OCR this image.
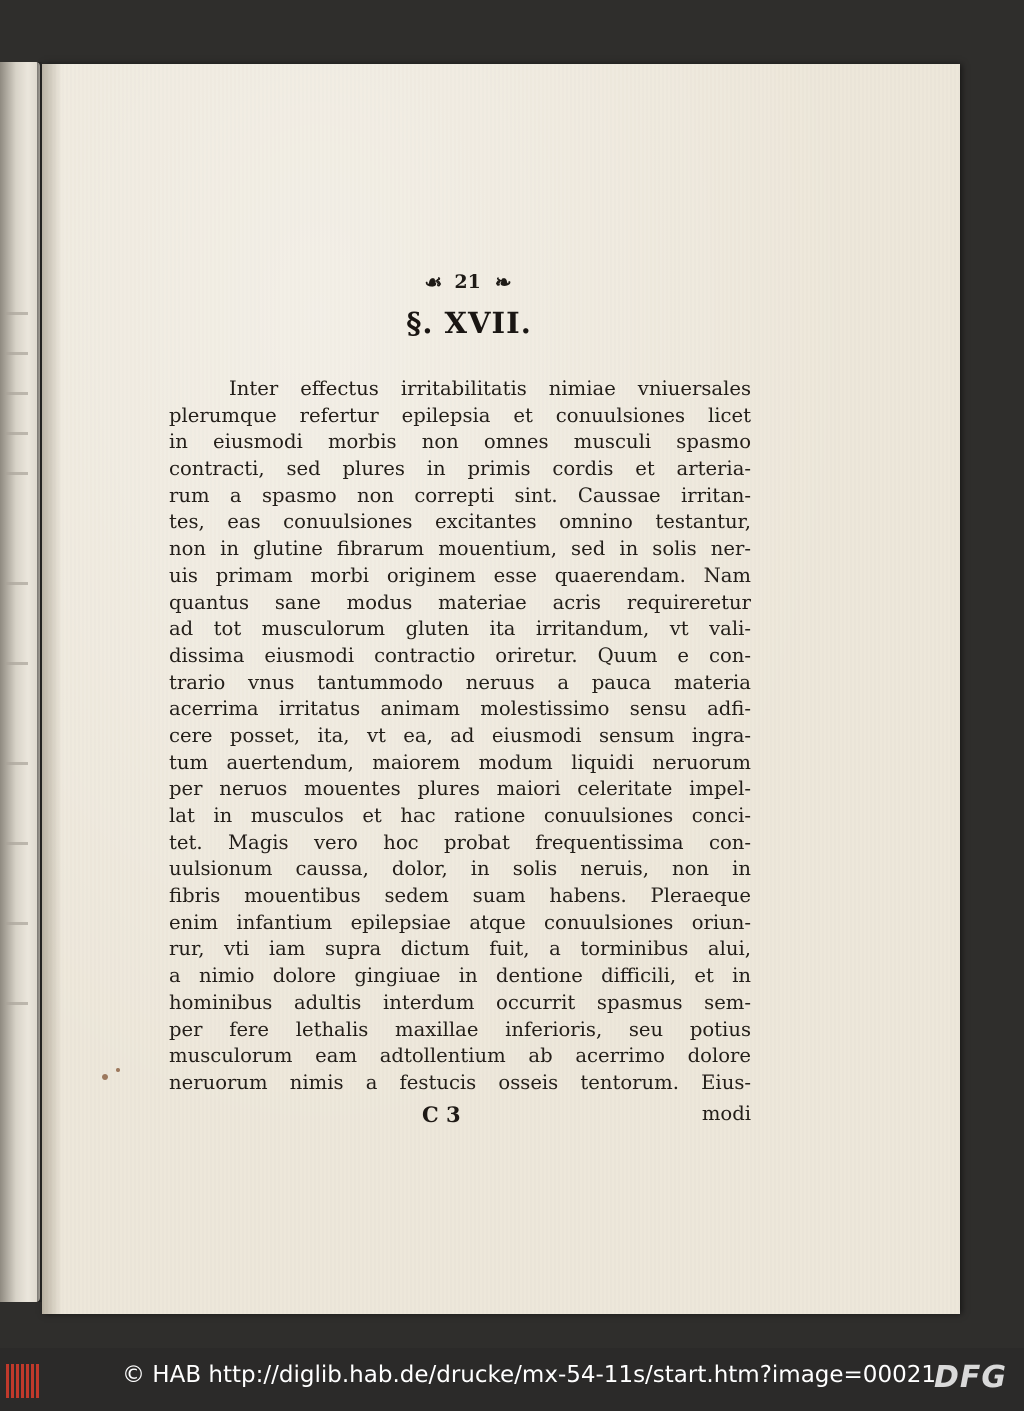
☙ 21 ❧
§. XVII.
Inter effectus irritabilitatis nimiae vniuersales
plerumque refertur epilepsia et conuulsiones licet
in eiusmodi morbis non omnes musculi spasmo
contracti, sed plures in primis cordis et arteria-
rum a spasmo non correpti sint. Caussae irritan-
tes, eas conuulsiones excitantes omnino testantur,
non in glutine fibrarum mouentium, sed in solis ner-
uis primam morbi originem esse quaerendam. Nam
quantus sane modus materiae acris requireretur
ad tot musculorum gluten ita irritandum, vt vali-
dissima eiusmodi contractio oriretur. Quum e con-
trario vnus tantummodo neruus a pauca materia
acerrima irritatus animam molestissimo sensu adfi-
cere posset, ita, vt ea, ad eiusmodi sensum ingra-
tum auertendum, maiorem modum liquidi neruorum
per neruos mouentes plures maiori celeritate impel-
lat in musculos et hac ratione conuulsiones conci-
tet. Magis vero hoc probat frequentissima con-
uulsionum caussa, dolor, in solis neruis, non in
fibris mouentibus sedem suam habens. Pleraeque
enim infantium epilepsiae atque conuulsiones oriun-
rur, vti iam supra dictum fuit, a torminibus alui,
a nimio dolore gingiuae in dentione difficili, et in
hominibus adultis interdum occurrit spasmus sem-
per fere lethalis maxillae inferioris, seu potius
musculorum eam adtollentium ab acerrimo dolore
neruorum nimis a festucis osseis tentorum. Eius-
C 3	modi
© HAB http://diglib.hab.de/drucke/mx-54-11s/start.htm?image=00021
DFG
